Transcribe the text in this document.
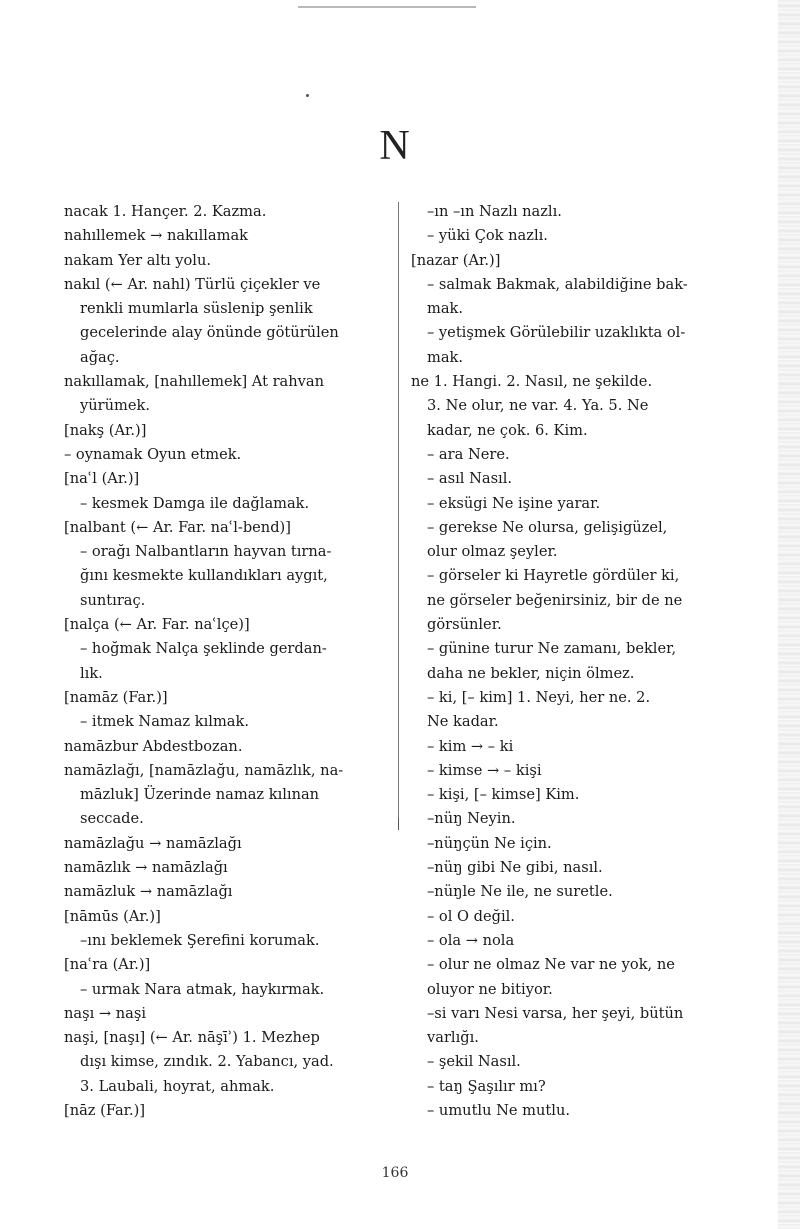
N
nacak 1. Hançer. 2. Kazma.
nahıllemek → nakıllamak
nakam Yer altı yolu.
nakıl (← Ar. nahl) Türlü çiçekler ve
renkli mumlarla süslenip şenlik
gecelerinde alay önünde götürülen
ağaç.
nakıllamak, [nahıllemek] At rahvan
yürümek.
[nakş (Ar.)]
– oynamak Oyun etmek.
[naʿl (Ar.)]
– kesmek Damga ile dağlamak.
[nalbant (← Ar. Far. naʿl-bend)]
– orağı Nalbantların hayvan tırna-
ğını kesmekte kullandıkları aygıt,
suntıraç.
[nalça (← Ar. Far. naʿlçe)]
– hoğmak Nalça şeklinde gerdan-
lık.
[namāz (Far.)]
– itmek Namaz kılmak.
namāzbur Abdestbozan.
namāzlağı, [namāzlağu, namāzlık, na-
māzluk] Üzerinde namaz kılınan
seccade.
namāzlağu → namāzlağı
namāzlık → namāzlağı
namāzluk → namāzlağı
[nāmūs (Ar.)]
–ını beklemek Şerefini korumak.
[naʿra (Ar.)]
– urmak Nara atmak, haykırmak.
naşı → naşi
naşi, [naşı] (← Ar. nāşīʾ) 1. Mezhep
dışı kimse, zındık. 2. Yabancı, yad.
3. Laubali, hoyrat, ahmak.
[nāz (Far.)]
–ın –ın Nazlı nazlı.
– yüki Çok nazlı.
[nazar (Ar.)]
– salmak Bakmak, alabildiğine bak-
mak.
– yetişmek Görülebilir uzaklıkta ol-
mak.
ne 1. Hangi. 2. Nasıl, ne şekilde.
3. Ne olur, ne var. 4. Ya. 5. Ne
kadar, ne çok. 6. Kim.
– ara Nere.
– asıl Nasıl.
– eksügi Ne işine yarar.
– gerekse Ne olursa, gelişigüzel,
olur olmaz şeyler.
– görseler ki Hayretle gördüler ki,
ne görseler beğenirsiniz, bir de ne
görsünler.
– günine turur Ne zamanı, bekler,
daha ne bekler, niçin ölmez.
– ki, [– kim] 1. Neyi, her ne. 2.
Ne kadar.
– kim → – ki
– kimse → – kişi
– kişi, [– kimse] Kim.
–nüŋ Neyin.
–nüŋçün Ne için.
–nüŋ gibi Ne gibi, nasıl.
–nüŋle Ne ile, ne suretle.
– ol O değil.
– ola → nola
– olur ne olmaz Ne var ne yok, ne
oluyor ne bitiyor.
–si varı Nesi varsa, her şeyi, bütün
varlığı.
– şekil Nasıl.
– taŋ Şaşılır mı?
– umutlu Ne mutlu.
166
